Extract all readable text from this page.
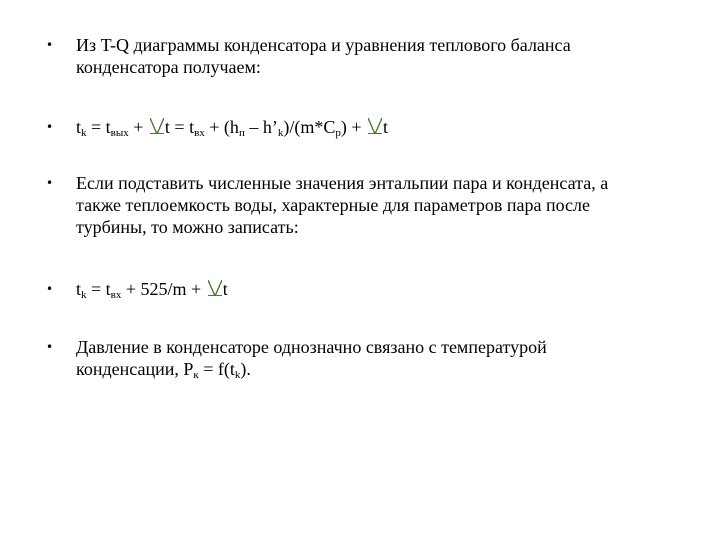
• Из T-Q диаграммы конденсатора и уравнения теплового баланса
конденсатора получаем:
• tk = tвых + t = tвх + (hп – h’k)/(m*Cp) + t
• Если подставить численные значения энтальпии пара и конденсата, а
также теплоемкость воды, характерные для параметров пара после
турбины, то можно записать:
• tk = tвх + 525/m + t
• Давление в конденсаторе однозначно связано с температурой
конденсации, Pк = f(tk).
